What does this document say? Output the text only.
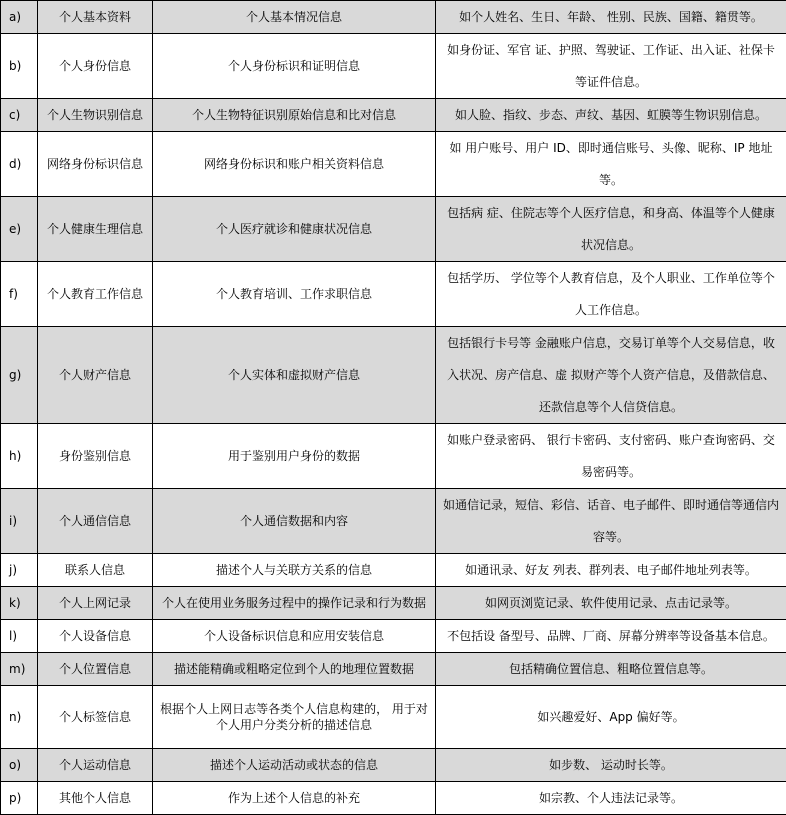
a)	个人基本资料	个人基本情况信息	如个人姓名、生日、年龄、 性别、民族、国籍、籍贯等。
b)	个人身份信息	个人身份标识和证明信息	如身份证、军官 证、护照、驾驶证、工作证、出入证、社保卡等证件信息。
c)	个人生物识别信息	个人生物特征识别原始信息和比对信息	如人脸、指纹、步态、声纹、基因、虹膜等生物识别信息。
d)	网络身份标识信息	网络身份标识和账户相关资料信息	如 用户账号、用户 ID、即时通信账号、头像、昵称、IP 地址等。
e)	个人健康生理信息	个人医疗就诊和健康状况信息	包括病 症、住院志等个人医疗信息，和身高、体温等个人健康状况信息。
f)	个人教育工作信息	个人教育培训、工作求职信息	包括学历、 学位等个人教育信息，及个人职业、工作单位等个人工作信息。
g)	个人财产信息	个人实体和虚拟财产信息	包括银行卡号等 金融账户信息，交易订单等个人交易信息，收入状况、房产信息、虚 拟财产等个人资产信息，及借款信息、还款信息等个人信贷信息。
h)	身份鉴别信息	用于鉴别用户身份的数据	如账户登录密码、 银行卡密码、支付密码、账户查询密码、交易密码等。
i)	个人通信信息	个人通信数据和内容	如通信记录，短信、彩信、话音、电子邮件、即时通信等通信内容等。
j)	联系人信息	描述个人与关联方关系的信息	如通讯录、好友 列表、群列表、电子邮件地址列表等。
k)	个人上网记录	个人在使用业务服务过程中的操作记录和行为数据	如网页浏览记录、软件使用记录、点击记录等。
l)	个人设备信息	个人设备标识信息和应用安装信息	不包括设 备型号、品牌、厂商、屏幕分辨率等设备基本信息。
m)	个人位置信息	描述能精确或粗略定位到个人的地理位置数据	包括精确位置信息、粗略位置信息等。
n)	个人标签信息	根据个人上网日志等各类个人信息构建的， 用于对个人用户分类分析的描述信息	如兴趣爱好、App 偏好等。
o)	个人运动信息	描述个人运动活动或状态的信息	如步数、 运动时长等。
p)	其他个人信息	作为上述个人信息的补充	如宗教、个人违法记录等。
